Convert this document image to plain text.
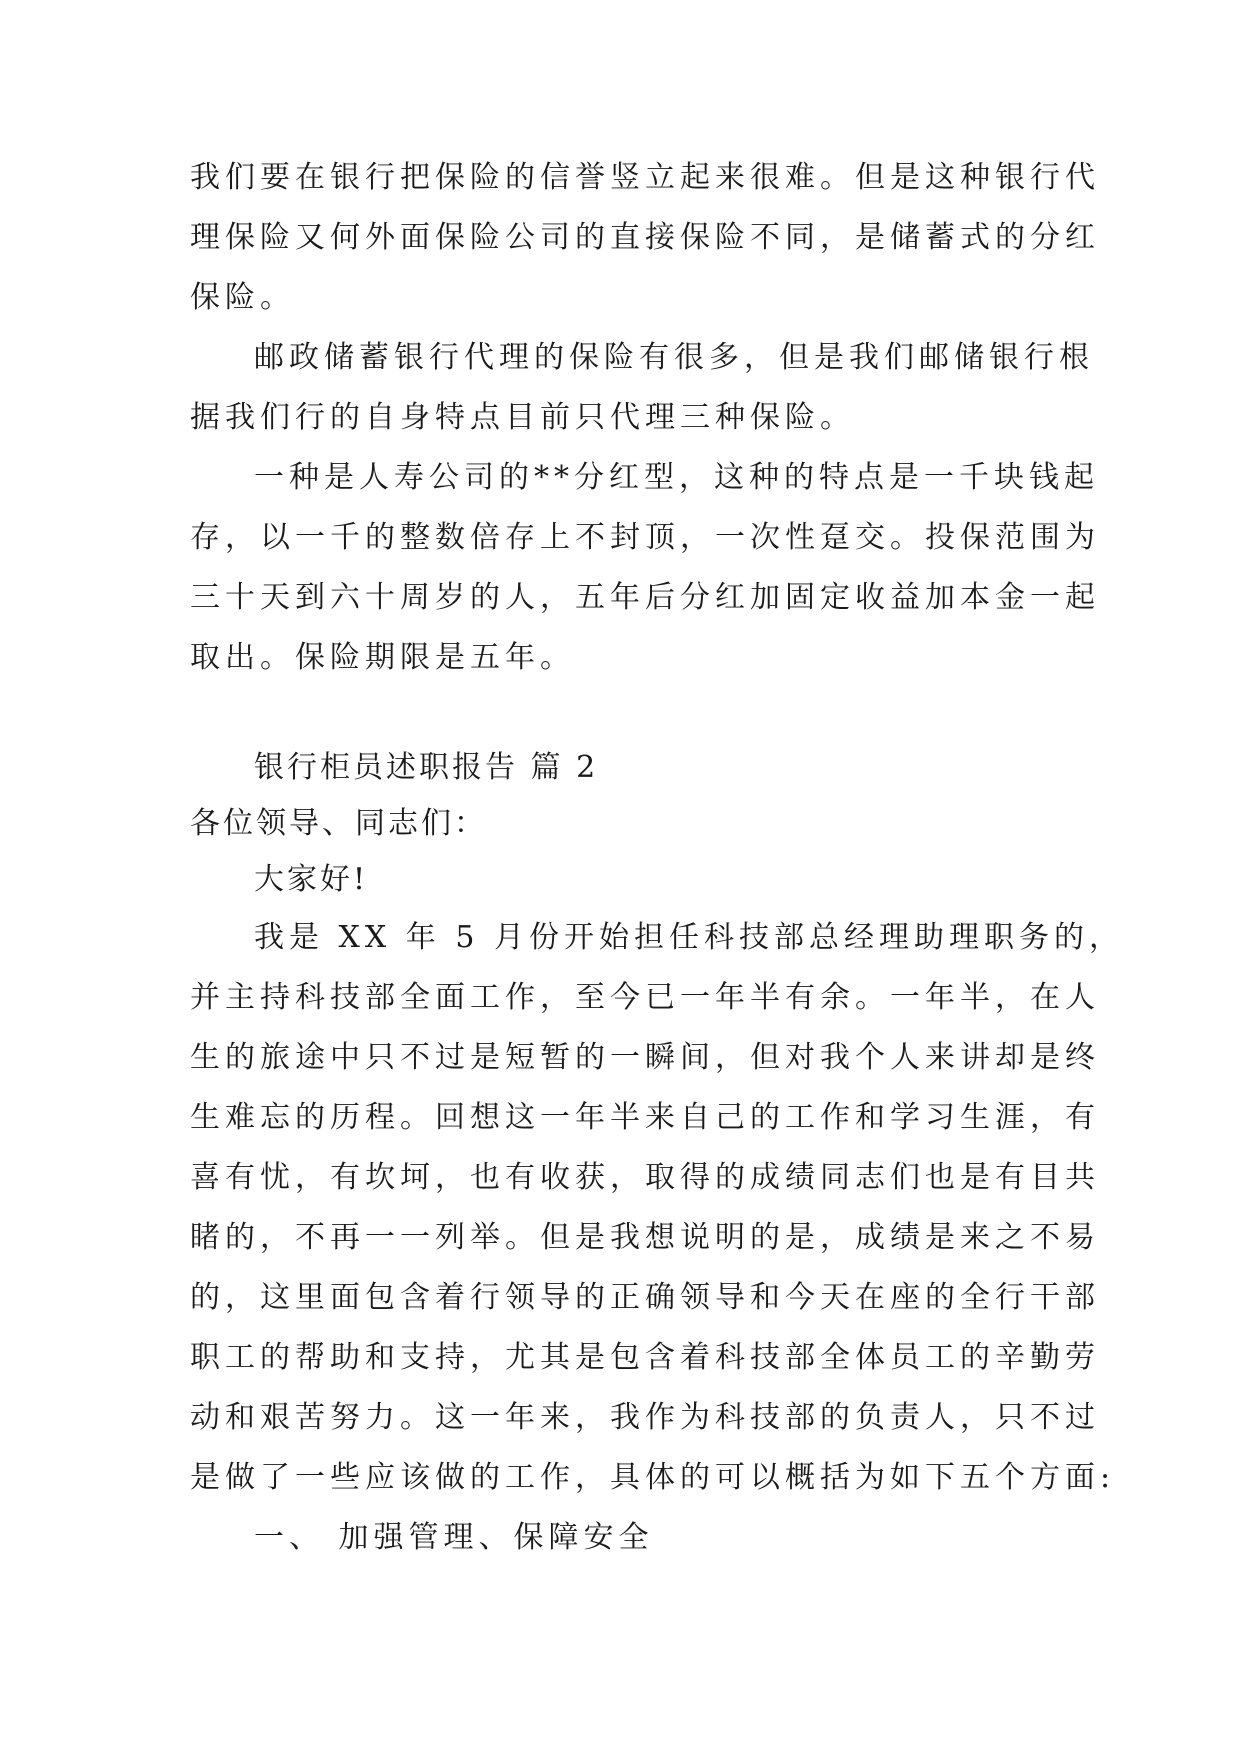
我们要在银行把保险的信誉竖立起来很难。但是这种银行代
理保险又何外面保险公司的直接保险不同，是储蓄式的分红
保险。
邮政储蓄银行代理的保险有很多，但是我们邮储银行根
据我们行的自身特点目前只代理三种保险。
一种是人寿公司的**分红型，这种的特点是一千块钱起
存，以一千的整数倍存上不封顶，一次性趸交。投保范围为
三十天到六十周岁的人，五年后分红加固定收益加本金一起
取出。保险期限是五年。
银行柜员述职报告 篇 2
各位领导、同志们：
大家好!
我是 XX 年 5 月份开始担任科技部总经理助理职务的，
并主持科技部全面工作，至今已一年半有余。一年半，在人
生的旅途中只不过是短暂的一瞬间，但对我个人来讲却是终
生难忘的历程。回想这一年半来自己的工作和学习生涯，有
喜有忧，有坎坷，也有收获，取得的成绩同志们也是有目共
睹的，不再一一列举。但是我想说明的是，成绩是来之不易
的，这里面包含着行领导的正确领导和今天在座的全行干部
职工的帮助和支持，尤其是包含着科技部全体员工的辛勤劳
动和艰苦努力。这一年来，我作为科技部的负责人，只不过
是做了一些应该做的工作，具体的可以概括为如下五个方面:
一、 加强管理、保障安全
